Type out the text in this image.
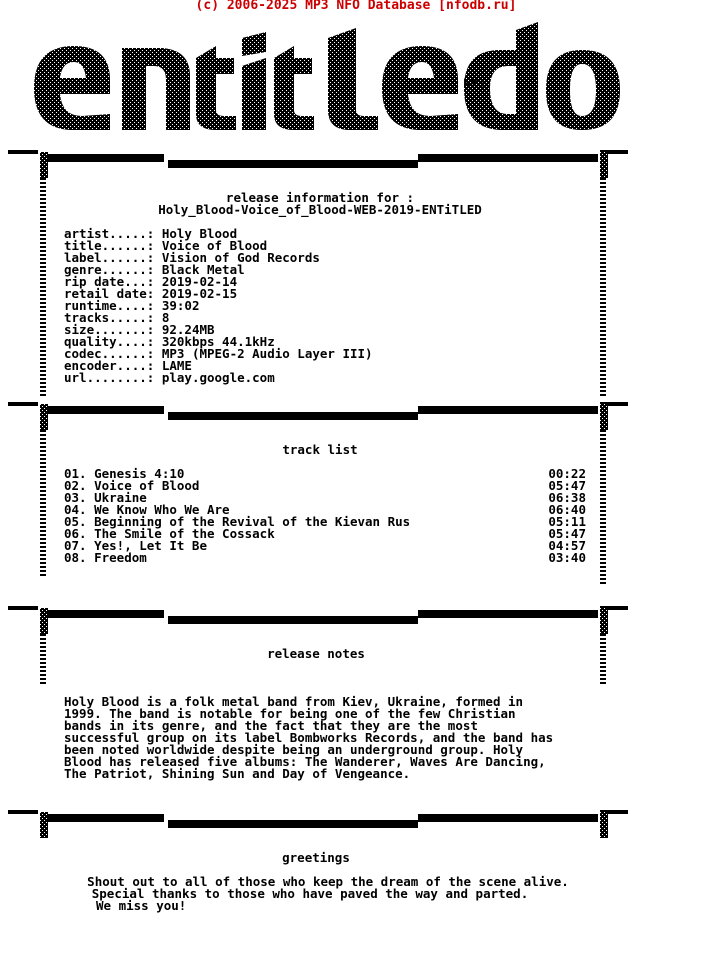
(c) 2006-2025 MP3 NFO Database [nfodb.ru]
hX!
release information for :
Holy_Blood-Voice_of_Blood-WEB-2019-ENTiTLED
artist.....: Holy Blood
title......: Voice of Blood
label......: Vision of God Records
genre......: Black Metal
rip date...: 2019-02-14
retail date: 2019-02-15
runtime....: 39:02
tracks.....: 8
size.......: 92.24MB
quality....: 320kbps 44.1kHz
codec......: MP3 (MPEG-2 Audio Layer III)
encoder....: LAME
url........: play.google.com
track list
01. Genesis 4:10	00:22
02. Voice of Blood	05:47
03. Ukraine	06:38
04. We Know Who We Are	06:40
05. Beginning of the Revival of the Kievan Rus	05:11
06. The Smile of the Cossack	05:47
07. Yes!, Let It Be	04:57
08. Freedom	03:40
release notes
Holy Blood is a folk metal band from Kiev, Ukraine, formed in
1999. The band is notable for being one of the few Christian
bands in its genre, and the fact that they are the most
successful group on its label Bombworks Records, and the band has
been noted worldwide despite being an underground group. Holy
Blood has released five albums: The Wanderer, Waves Are Dancing,
The Patriot, Shining Sun and Day of Vengeance.
greetings
Shout out to all of those who keep the dream of the scene alive.
Special thanks to those who have paved the way and parted.
We miss you!
